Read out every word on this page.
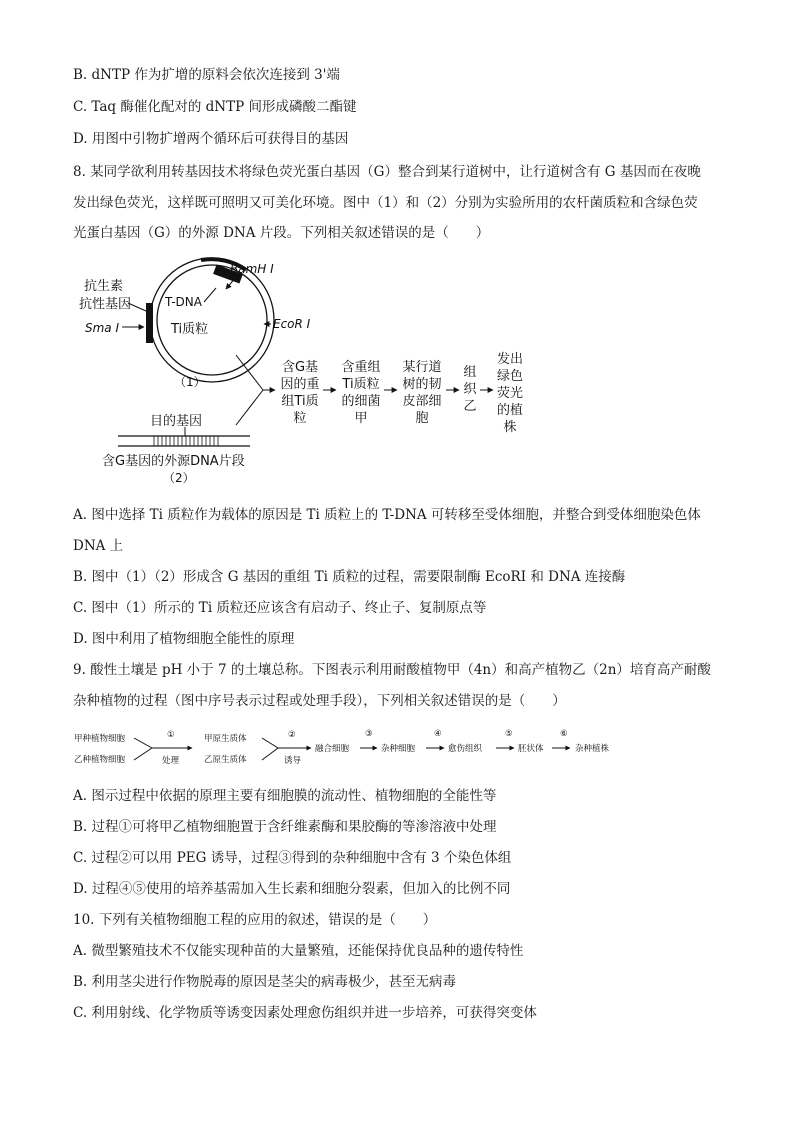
B. dNTP 作为扩增的原料会依次连接到 3'端
C. Taq 酶催化配对的 dNTP 间形成磷酸二酯键
D. 用图中引物扩增两个循环后可获得目的基因
8. 某同学欲利用转基因技术将绿色荧光蛋白基因（G）整合到某行道树中，让行道树含有 G 基因而在夜晚
发出绿色荧光，这样既可照明又可美化环境。图中（1）和（2）分别为实验所用的农杆菌质粒和含绿色荧
光蛋白基因（G）的外源 DNA 片段。下列相关叙述错误的是（　　）
BamH I
抗生素
抗性基因	T-DNA
Sma I	EcoR I
Ti质粒
（1）
目的基因
含G基因的外源DNA片段
（2）
含G基
因的重
组Ti质
粒
含重组
Ti质粒
的细菌
甲
某行道
树的韧
皮部细
胞
组
织
乙
发出
绿色
荧光
的植
株
A. 图中选择 Ti 质粒作为载体的原因是 Ti 质粒上的 T-DNA 可转移至受体细胞，并整合到受体细胞染色体
DNA 上
B. 图中（1）（2）形成含 G 基因的重组 Ti 质粒的过程，需要限制酶 EcoRI 和 DNA 连接酶
C. 图中（1）所示的 Ti 质粒还应该含有启动子、终止子、复制原点等
D. 图中利用了植物细胞全能性的原理
9. 酸性土壤是 pH 小于 7 的土壤总称。下图表示利用耐酸植物甲（4n）和高产植物乙（2n）培育高产耐酸
杂种植物的过程（图中序号表示过程或处理手段），下列相关叙述错误的是（　　）
甲种植物细胞
乙种植物细胞
①
处理
甲原生质体
乙原生质体
②
诱导
融合细胞
③
杂种细胞
④
愈伤组织
⑤
胚状体
⑥
杂种植株
A. 图示过程中依据的原理主要有细胞膜的流动性、植物细胞的全能性等
B. 过程①可将甲乙植物细胞置于含纤维素酶和果胶酶的等渗溶液中处理
C. 过程②可以用 PEG 诱导，过程③得到的杂种细胞中含有 3 个染色体组
D. 过程④⑤使用的培养基需加入生长素和细胞分裂素，但加入的比例不同
10. 下列有关植物细胞工程的应用的叙述，错误的是（　　）
A. 微型繁殖技术不仅能实现种苗的大量繁殖，还能保持优良品种的遗传特性
B. 利用茎尖进行作物脱毒的原因是茎尖的病毒极少，甚至无病毒
C. 利用射线、化学物质等诱变因素处理愈伤组织并进一步培养，可获得突变体
